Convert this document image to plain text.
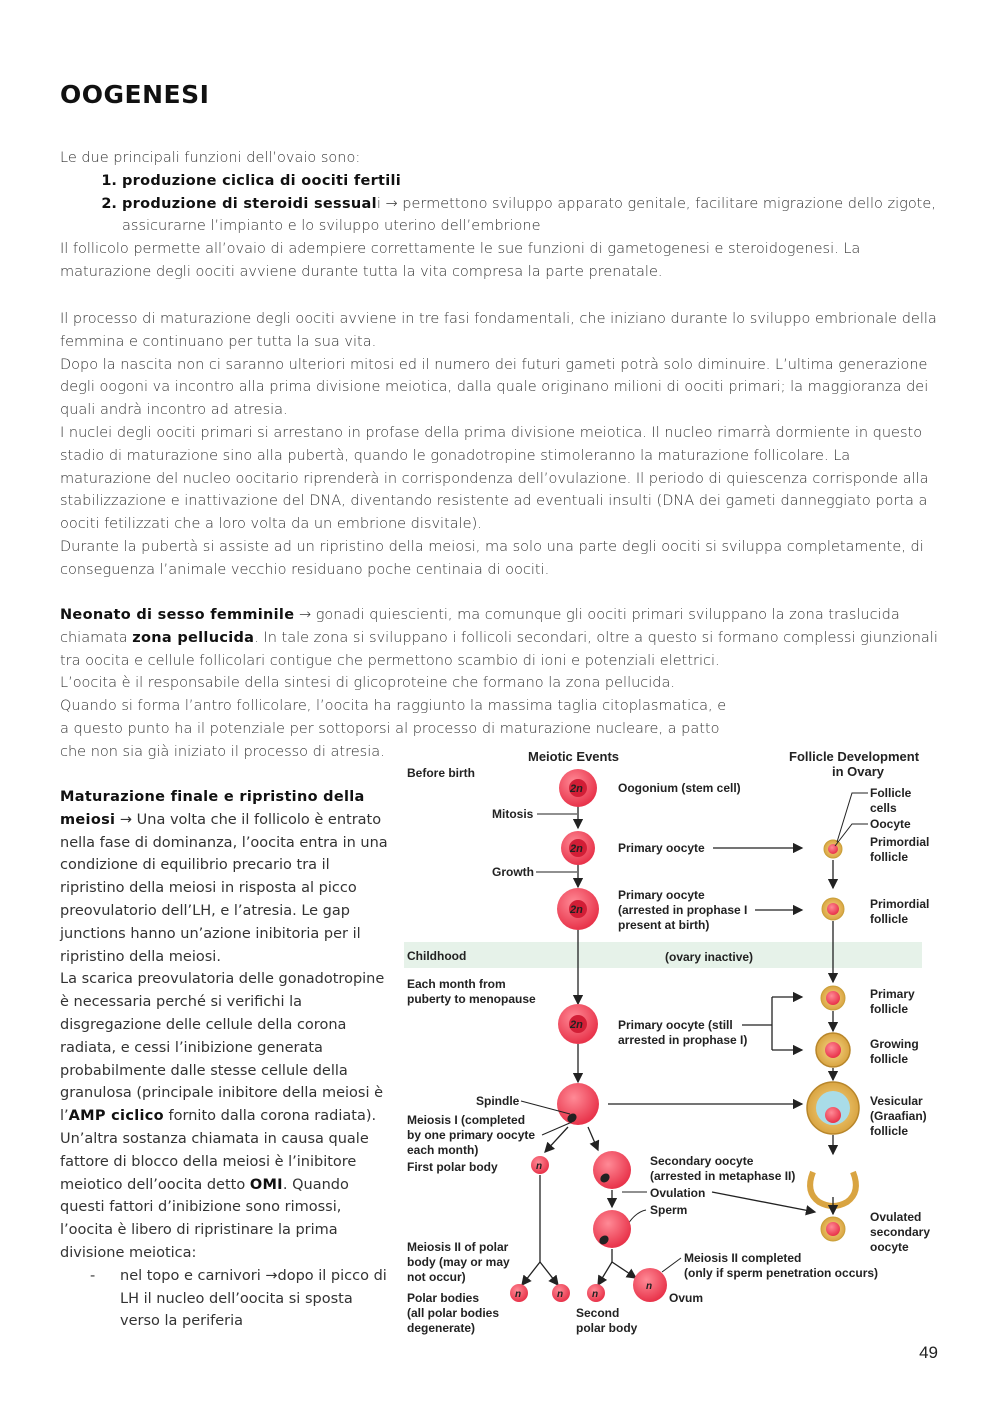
OOGENESI

Le due principali funzioni dell’ovaio sono:

1. produzione ciclica di oociti fertili
2. produzione di steroidi sessuali → permettono sviluppo apparato genitale, facilitare migrazione dello zigote, assicurarne l’impianto e lo sviluppo uterino dell’embrione

Il follicolo permette all’ovaio di adempiere correttamente le sue funzioni di gametogenesi e steroidogenesi. La maturazione degli oociti avviene durante tutta la vita compresa la parte prenatale.

Il processo di maturazione degli oociti avviene in tre fasi fondamentali, che iniziano durante lo sviluppo embrionale della femmina e continuano per tutta la sua vita.

Dopo la nascita non ci saranno ulteriori mitosi ed il numero dei futuri gameti potrà solo diminuire. L’ultima generazione degli oogoni va incontro alla prima divisione meiotica, dalla quale originano milioni di oociti primari; la maggioranza dei quali andrà incontro ad atresia.

I nuclei degli oociti primari si arrestano in profase della prima divisione meiotica. Il nucleo rimarrà dormiente in questo stadio di maturazione sino alla pubertà, quando le gonadotropine stimoleranno la maturazione follicolare. La maturazione del nucleo oocitario riprenderà in corrispondenza dell’ovulazione. Il periodo di quiescenza corrisponde alla stabilizzazione e inattivazione del DNA, diventando resistente ad eventuali insulti (DNA dei gameti danneggiato porta a oociti fetilizzati che a loro volta da un embrione disvitale).

Durante la pubertà si assiste ad un ripristino della meiosi, ma solo una parte degli oociti si sviluppa completamente, di conseguenza l’animale vecchio residuano poche centinaia di oociti.

Neonato di sesso femminile → gonadi quiescienti, ma comunque gli oociti primari sviluppano la zona traslucida chiamata zona pellucida. In tale zona si sviluppano i follicoli secondari, oltre a questo si formano complessi giunzionali tra oocita e cellule follicolari contigue che permettono scambio di ioni e potenziali elettrici.

L’oocita è il responsabile della sintesi di glicoproteine che formano la zona pellucida.

Quando si forma l’antro follicolare, l’oocita ha raggiunto la massima taglia citoplasmatica, e a questo punto ha il potenziale per sottoporsi al processo di maturazione nucleare, a patto che non sia già iniziato il processo di atresia.

Maturazione finale e ripristino della meiosi → Una volta che il follicolo è entrato nella fase di dominanza, l’oocita entra in una condizione di equilibrio precario tra il ripristino della meiosi in risposta al picco preovulatorio dell’LH, e l’atresia. Le gap junctions hanno un’azione inibitoria per il ripristino della meiosi.

La scarica preovulatoria delle gonadotropine è necessaria perché si verifichi la disgregazione delle cellule della corona radiata, e cessi l’inibizione generata probabilmente dalle stesse cellule della granulosa (principale inibitore della meiosi è l’AMP ciclico fornito dalla corona radiata). Un’altra sostanza chiamata in causa quale fattore di blocco della meiosi è l’inibitore meiotico dell’oocita detto OMI. Quando questi fattori d’inibizione sono rimossi, l’oocita è libero di ripristinare la prima divisione meiotica:

- nel topo e carnivori →dopo il picco di LH il nucleo dell’oocita si sposta verso la periferia
Meiotic Events	Follicle Development
in Ovary
Before birth
2n
2n
2n
2n
Mitosis
Growth
Oogonium (stem cell)
Primary oocyte
Primary oocyte
(arrested in prophase I
present at birth)
Childhood	(ovary inactive)
Each month from
puberty to menopause
Primary oocyte (still
arrested in prophase I)
Spindle
Meiosis I (completed
by one primary oocyte
each month)
First polar body	n	Secondary oocyte
(arrested in metaphase II)
Ovulation
Sperm
n	n
Meiosis II of polar
body (may or may
not occur)
n
n
Meiosis II completed
(only if sperm penetration occurs)
Ovum
Polar bodies
(all polar bodies
degenerate)
Second
polar body
Follicle
cells
Oocyte
Primordial
follicle
Primordial
follicle
Primary
follicle
Growing
follicle
Vesicular
(Graafian)
follicle
Ovulated
secondary
oocyte
49
